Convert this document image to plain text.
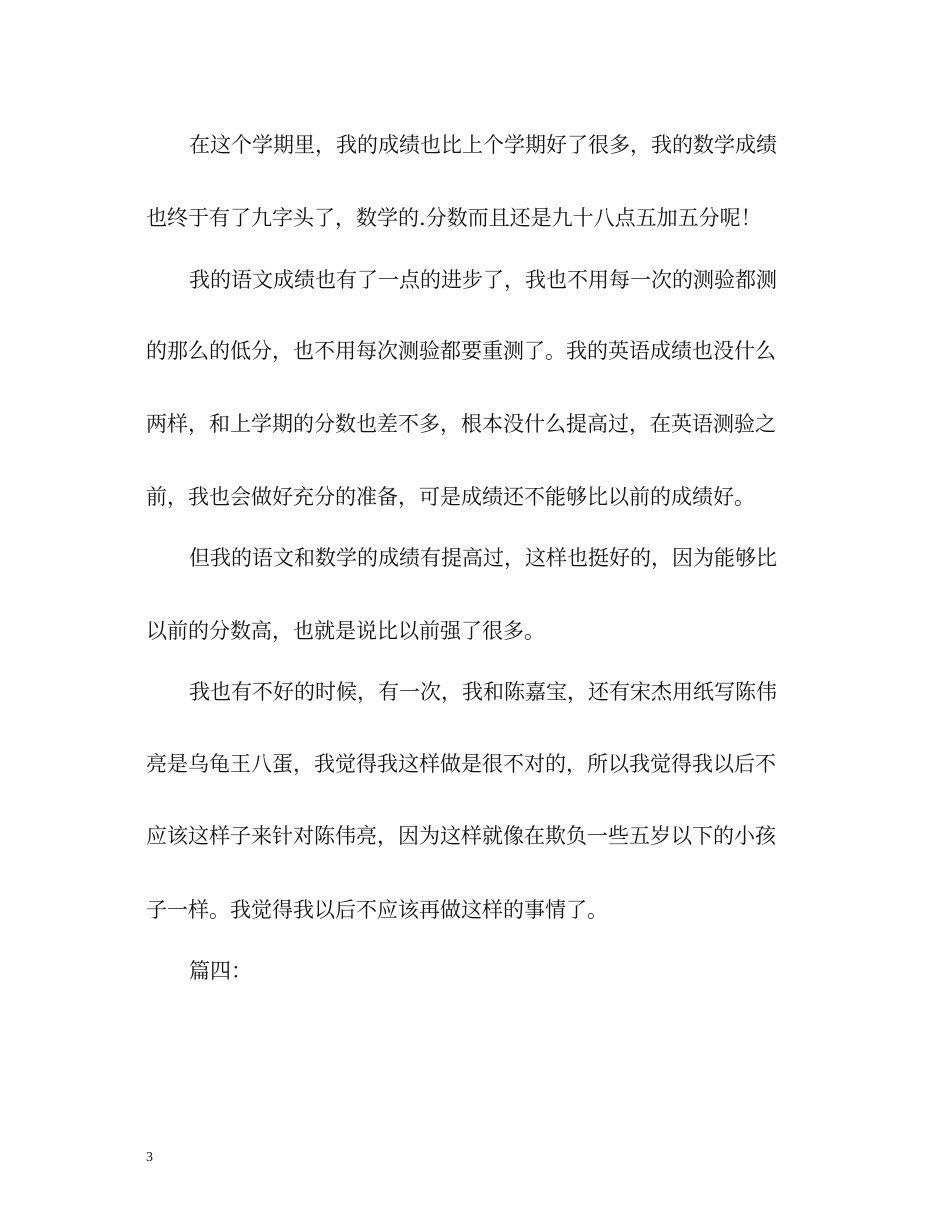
在这个学期里，我的成绩也比上个学期好了很多，我的数学成绩
也终于有了九字头了，数学的.分数而且还是九十八点五加五分呢！
我的语文成绩也有了一点的进步了，我也不用每一次的测验都测
的那么的低分，也不用每次测验都要重测了。我的英语成绩也没什么
两样，和上学期的分数也差不多，根本没什么提高过，在英语测验之
前，我也会做好充分的准备，可是成绩还不能够比以前的成绩好。
但我的语文和数学的成绩有提高过，这样也挺好的，因为能够比
以前的分数高，也就是说比以前强了很多。
我也有不好的时候，有一次，我和陈嘉宝，还有宋杰用纸写陈伟
亮是乌龟王八蛋，我觉得我这样做是很不对的，所以我觉得我以后不
应该这样子来针对陈伟亮，因为这样就像在欺负一些五岁以下的小孩
子一样。我觉得我以后不应该再做这样的事情了。
篇四：
3
